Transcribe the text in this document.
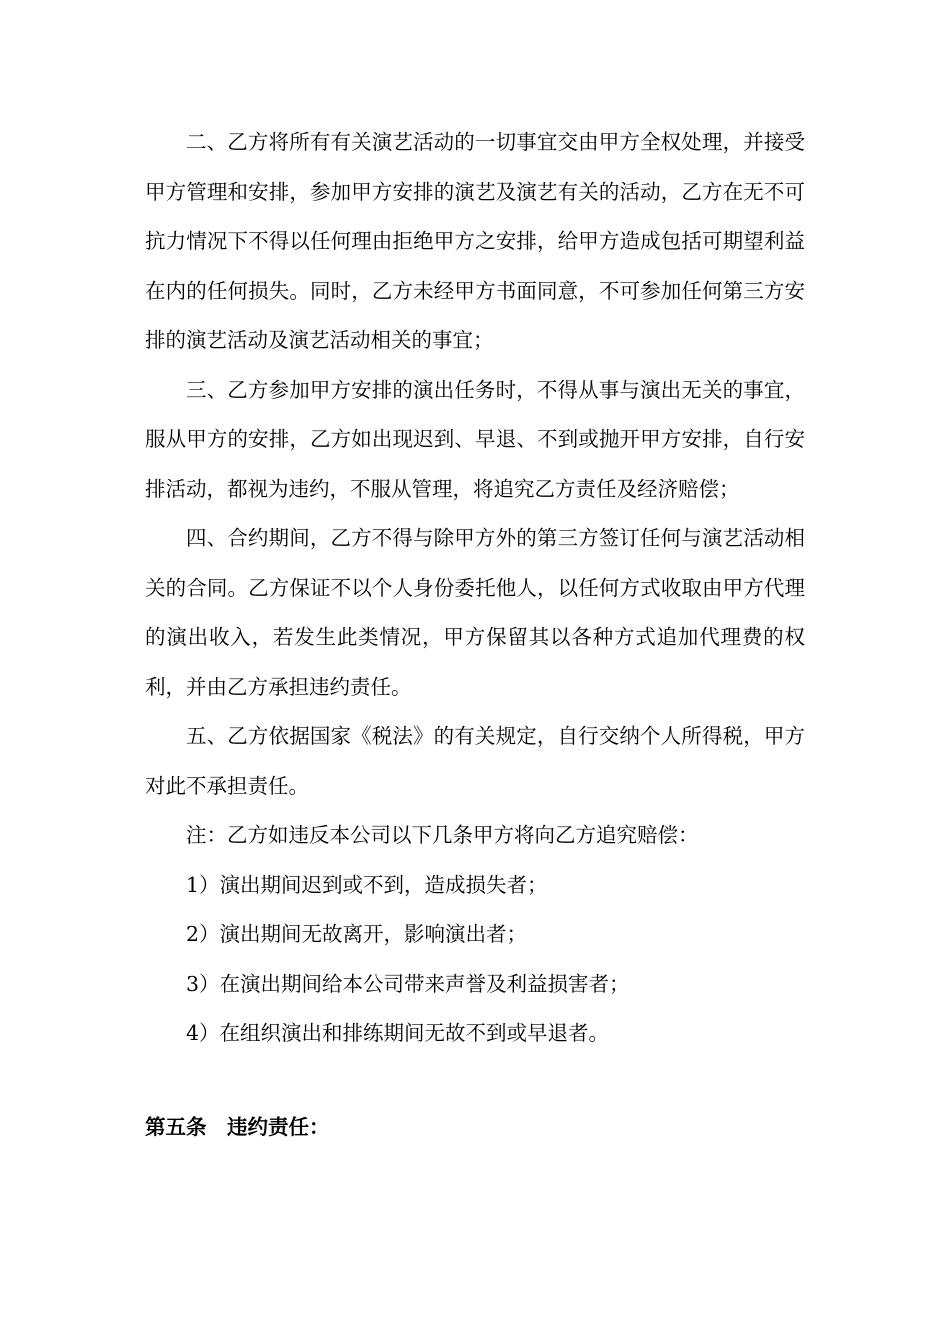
二、乙方将所有有关演艺活动的一切事宜交由甲方全权处理，并接受甲方管理和安排，参加甲方安排的演艺及演艺有关的活动，乙方在无不可抗力情况下不得以任何理由拒绝甲方之安排，给甲方造成包括可期望利益在内的任何损失。同时，乙方未经甲方书面同意，不可参加任何第三方安排的演艺活动及演艺活动相关的事宜；

三、乙方参加甲方安排的演出任务时，不得从事与演出无关的事宜，服从甲方的安排，乙方如出现迟到、早退、不到或抛开甲方安排，自行安排活动，都视为违约，不服从管理，将追究乙方责任及经济赔偿；

四、合约期间，乙方不得与除甲方外的第三方签订任何与演艺活动相关的合同。乙方保证不以个人身份委托他人，以任何方式收取由甲方代理的演出收入，若发生此类情况，甲方保留其以各种方式追加代理费的权利，并由乙方承担违约责任。

五、乙方依据国家《税法》的有关规定，自行交纳个人所得税，甲方对此不承担责任。

注：乙方如违反本公司以下几条甲方将向乙方追究赔偿：

1）演出期间迟到或不到，造成损失者；

2）演出期间无故离开，影响演出者；

3）在演出期间给本公司带来声誉及利益损害者；

4）在组织演出和排练期间无故不到或早退者。

第五条　违约责任：
